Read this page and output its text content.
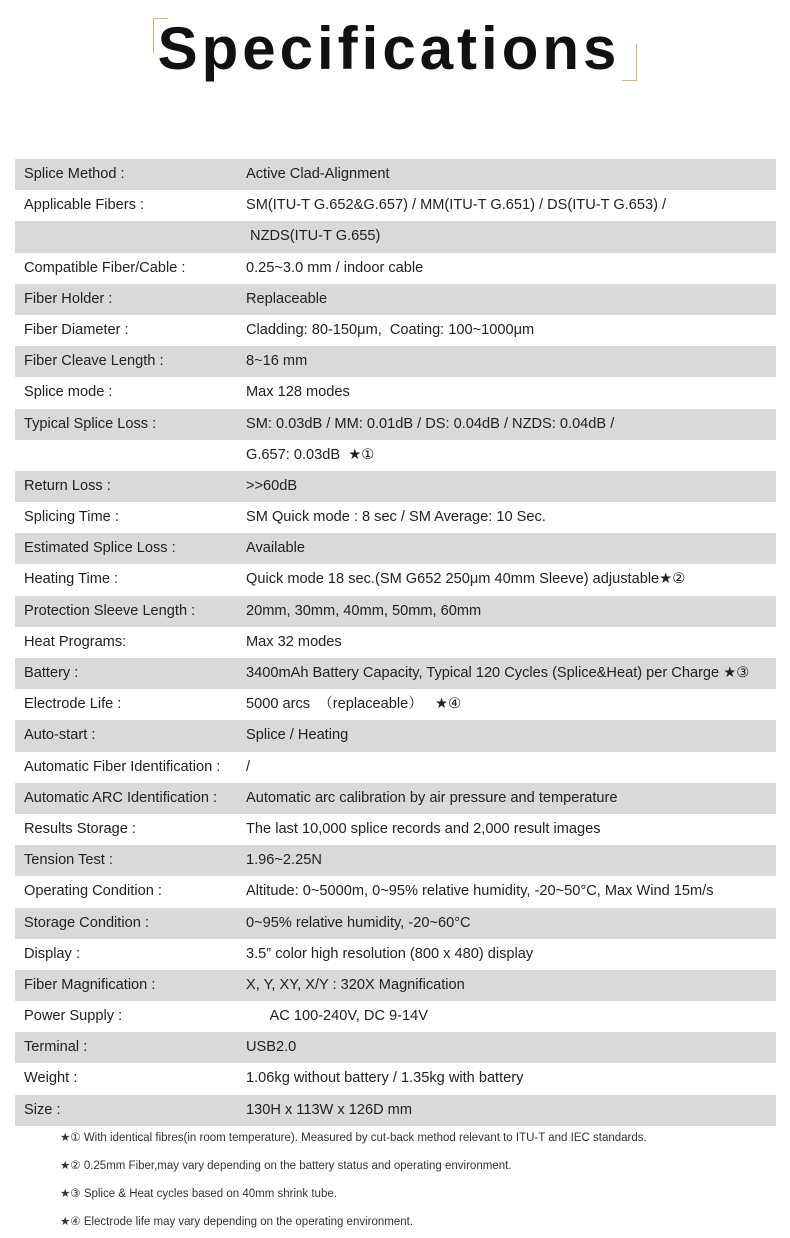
Specifications
Splice Method :	Active Clad-Alignment
Applicable Fibers :	SM(ITU-T G.652&G.657) / MM(ITU-T G.651) / DS(ITU-T G.653) /
NZDS(ITU-T G.655)
Compatible Fiber/Cable :	0.25~3.0 mm / indoor cable
Fiber Holder :	Replaceable
Fiber Diameter :	Cladding: 80-150μm,  Coating: 100~1000μm
Fiber Cleave Length :	8~16 mm
Splice mode :	Max 128 modes
Typical Splice Loss :	SM: 0.03dB / MM: 0.01dB / DS: 0.04dB / NZDS: 0.04dB /
G.657: 0.03dB  ★①
Return Loss :	>>60dB
Splicing Time :	SM Quick mode : 8 sec / SM Average: 10 Sec.
Estimated Splice Loss :	Available
Heating Time :	Quick mode 18 sec.(SM G652 250μm 40mm Sleeve) adjustable★②
Protection Sleeve Length :	20mm, 30mm, 40mm, 50mm, 60mm
Heat Programs:	Max 32 modes
Battery :	3400mAh Battery Capacity, Typical 120 Cycles (Splice&Heat) per Charge ★③
Electrode Life :	5000 arcs  （replaceable）   ★④
Auto-start :	Splice / Heating
Automatic Fiber Identification : /
Automatic ARC Identification : Automatic arc calibration by air pressure and temperature
Results Storage :	The last 10,000 splice records and 2,000 result images
Tension Test :	1.96~2.25N
Operating Condition :	Altitude: 0~5000m, 0~95% relative humidity, -20~50°C, Max Wind 15m/s
Storage Condition :	0~95% relative humidity, -20~60°C
Display :	3.5” color high resolution (800 x 480) display
Fiber Magnification :	X, Y, XY, X/Y : 320X Magnification
Power Supply :	AC 100-240V, DC 9-14V
Terminal :	USB2.0
Weight :	1.06kg without battery / 1.35kg with battery
Size :	130H x 113W x 126D mm
★① With identical fibres(in room temperature). Measured by cut-back method relevant to ITU-T and IEC standards.
★② 0.25mm Fiber,may vary depending on the battery status and operating environment.
★③ Splice & Heat cycles based on 40mm shrink tube.
★④ Electrode life may vary depending on the operating environment.
